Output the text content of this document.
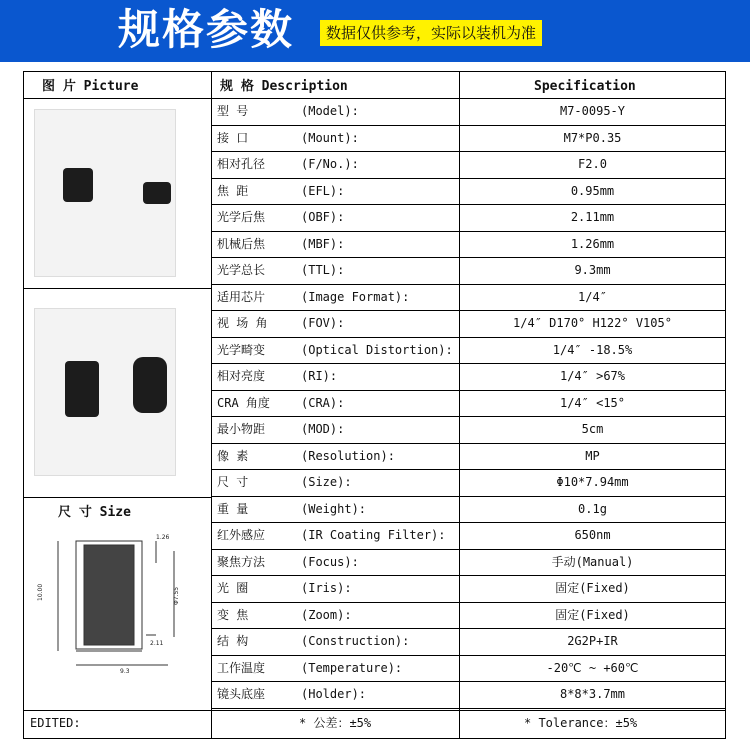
规格参数	数据仅供参考，实际以装机为准
图 片 Picture	规 格 Description	Specification
尺 寸 Size
1.26
10.00	Φ7.55
2.11
9.3
EDITED:	* 公差：±5%	* Tolerance：±5%
型 号	(Model):	M7-0095-Y
接 口	(Mount):	M7*P0.35
相对孔径	(F/No.):	F2.0
焦 距	(EFL):	0.95mm
光学后焦	(OBF):	2.11mm
机械后焦	(MBF):	1.26mm
光学总长	(TTL):	9.3mm
适用芯片	(Image Format):	1/4″
视 场 角	(FOV):	1/4″ D170° H122° V105°
光学畸变	(Optical Distortion):	1/4″ -18.5%
相对亮度	(RI):	1/4″ >67%
CRA 角度	(CRA):	1/4″ <15°
最小物距	(MOD):	5cm
像 素	(Resolution):	MP
尺 寸	(Size):	Φ10*7.94mm
重 量	(Weight):	0.1g
红外感应	(IR Coating Filter):	650nm
聚焦方法	(Focus):	手动(Manual)
光 圈	(Iris):	固定(Fixed)
变 焦	(Zoom):	固定(Fixed)
结 构	(Construction):	2G2P+IR
工作温度	(Temperature):	-20℃ ~ +60℃
镜头底座	(Holder):	8*8*3.7mm
